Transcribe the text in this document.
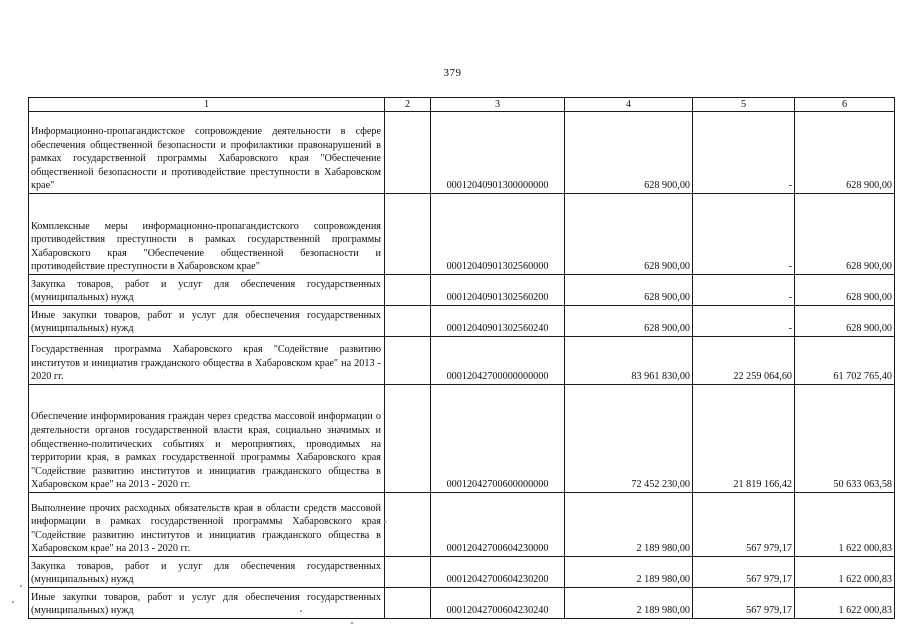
379
1	2	3	4	5	6
Информационно-пропагандистское сопровождение деятельности в сфере обеспечения общественной безопасности и профилактики правонарушений в рамках государственной программы Хабаровского края "Обеспечение общественной безопасности и противодействие преступности в Хабаровском крае"		00012040901300000000	628 900,00	-	628 900,00
Комплексные меры информационно-пропагандистского сопровождения противодействия преступности в рамках государственной программы Хабаровского края "Обеспечение общественной безопасности и противодействие преступности в Хабаровском крае"		00012040901302560000	628 900,00	-	628 900,00
Закупка товаров, работ и услуг для обеспечения государственных (муниципальных) нужд		00012040901302560200	628 900,00	-	628 900,00
Иные закупки товаров, работ и услуг для обеспечения государственных (муниципальных) нужд		00012040901302560240	628 900,00	-	628 900,00
Государственная программа Хабаровского края "Содействие развитию институтов и инициатив гражданского общества в Хабаровском крае" на 2013 - 2020 гг.		00012042700000000000	83 961 830,00	22 259 064,60	61 702 765,40
Обеспечение информирования граждан через средства массовой информации о деятельности органов государственной власти края, социально значимых и общественно-политических событиях и мероприятиях, проводимых на территории края, в рамках государственной программы Хабаровского края "Содействие развитию институтов и инициатив гражданского общества в Хабаровском крае" на 2013 - 2020 гг.		00012042700600000000	72 452 230,00	21 819 166,42	50 633 063,58
Выполнение прочих расходных обязательств края в области средств массовой информации в рамках государственной программы Хабаровского края "Содействие развитию институтов и инициатив гражданского общества в Хабаровском крае" на 2013 - 2020 гг.		00012042700604230000	2 189 980,00	567 979,17	1 622 000,83
Закупка товаров, работ и услуг для обеспечения государственных (муниципальных) нужд		00012042700604230200	2 189 980,00	567 979,17	1 622 000,83
Иные закупки товаров, работ и услуг для обеспечения государственных (муниципальных) нужд		00012042700604230240	2 189 980,00	567 979,17	1 622 000,83
